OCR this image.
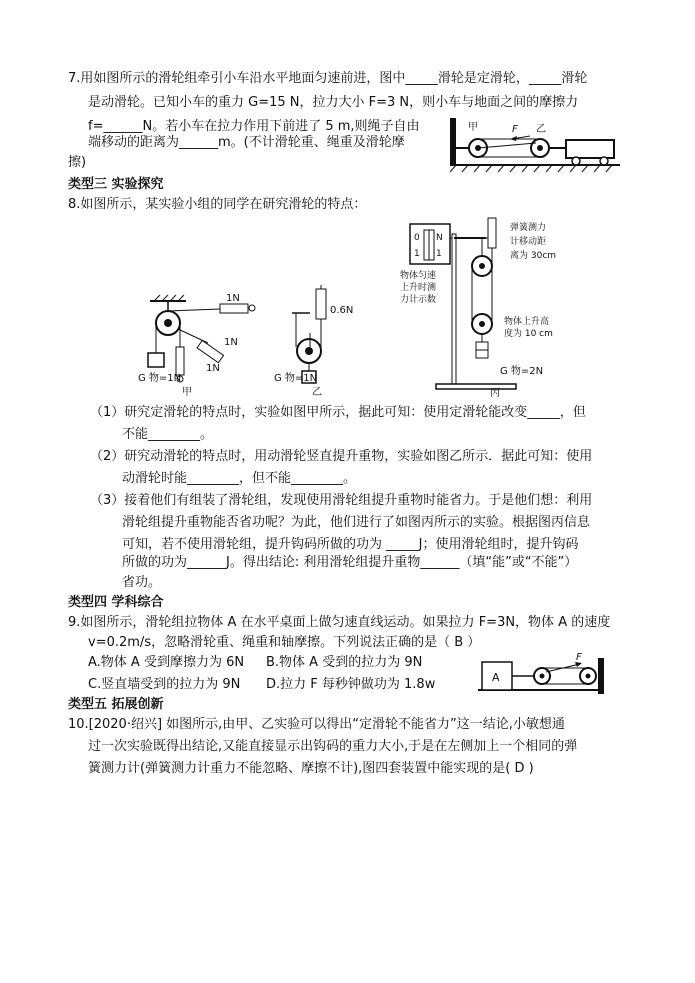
7.用如图所示的滑轮组牵引小车沿水平地面匀速前进，图中_____滑轮是定滑轮，_____滑轮
是动滑轮。已知小车的重力 G=15 N，拉力大小 F=3 N，则小车与地面之间的摩擦力
f=______N。若小车在拉力作用下前进了 5 m,则绳子自由
端移动的距离为______m。(不计滑轮重、绳重及滑轮摩
擦)
甲	F 乙
类型三 实验探究
8.如图所示，某实验小组的同学在研究滑轮的特点：
1N
1N
1N
G 物=1N
甲
0.6N
G 物=1N
乙
0 N
1 1
物体匀速
上升时测
力计示数
弹簧测力
计移动距
离为 30cm
物体上升高
度为 10 cm
G 物=2N
丙
（1）研究定滑轮的特点时，实验如图甲所示，据此可知：使用定滑轮能改变_____，但
不能________。
（2）研究动滑轮的特点时，用动滑轮竖直提升重物，实验如图乙所示．据此可知：使用
动滑轮时能________，但不能________。
（3）接着他们有组装了滑轮组，发现使用滑轮组提升重物时能省力。于是他们想：利用
滑轮组提升重物能否省功呢？为此，他们进行了如图丙所示的实验。根据图丙信息
可知，若不使用滑轮组，提升钩码所做的功为 _____J；使用滑轮组时，提升钩码
所做的功为______J。得出结论: 利用滑轮组提升重物______（填“能”或“不能”）
省功。
类型四 学科综合
9.如图所示，滑轮组拉物体 A 在水平桌面上做匀速直线运动。如果拉力 F=3N，物体 A 的速度
v=0.2m/s，忽略滑轮重、绳重和轴摩擦。下列说法正确的是（ B ）
A.物体 A 受到摩擦力为 6N B.物体 A 受到的拉力为 9N
C.竖直墙受到的拉力为 9N D.拉力 F 每秒钟做功为 1.8w	A
F
类型五 拓展创新
10.[2020·绍兴] 如图所示,由甲、乙实验可以得出“定滑轮不能省力”这一结论,小敏想通
过一次实验既得出结论,又能直接显示出钩码的重力大小,于是在左侧加上一个相同的弹
簧测力计(弹簧测力计重力不能忽略、摩擦不计),图四套装置中能实现的是( D )
